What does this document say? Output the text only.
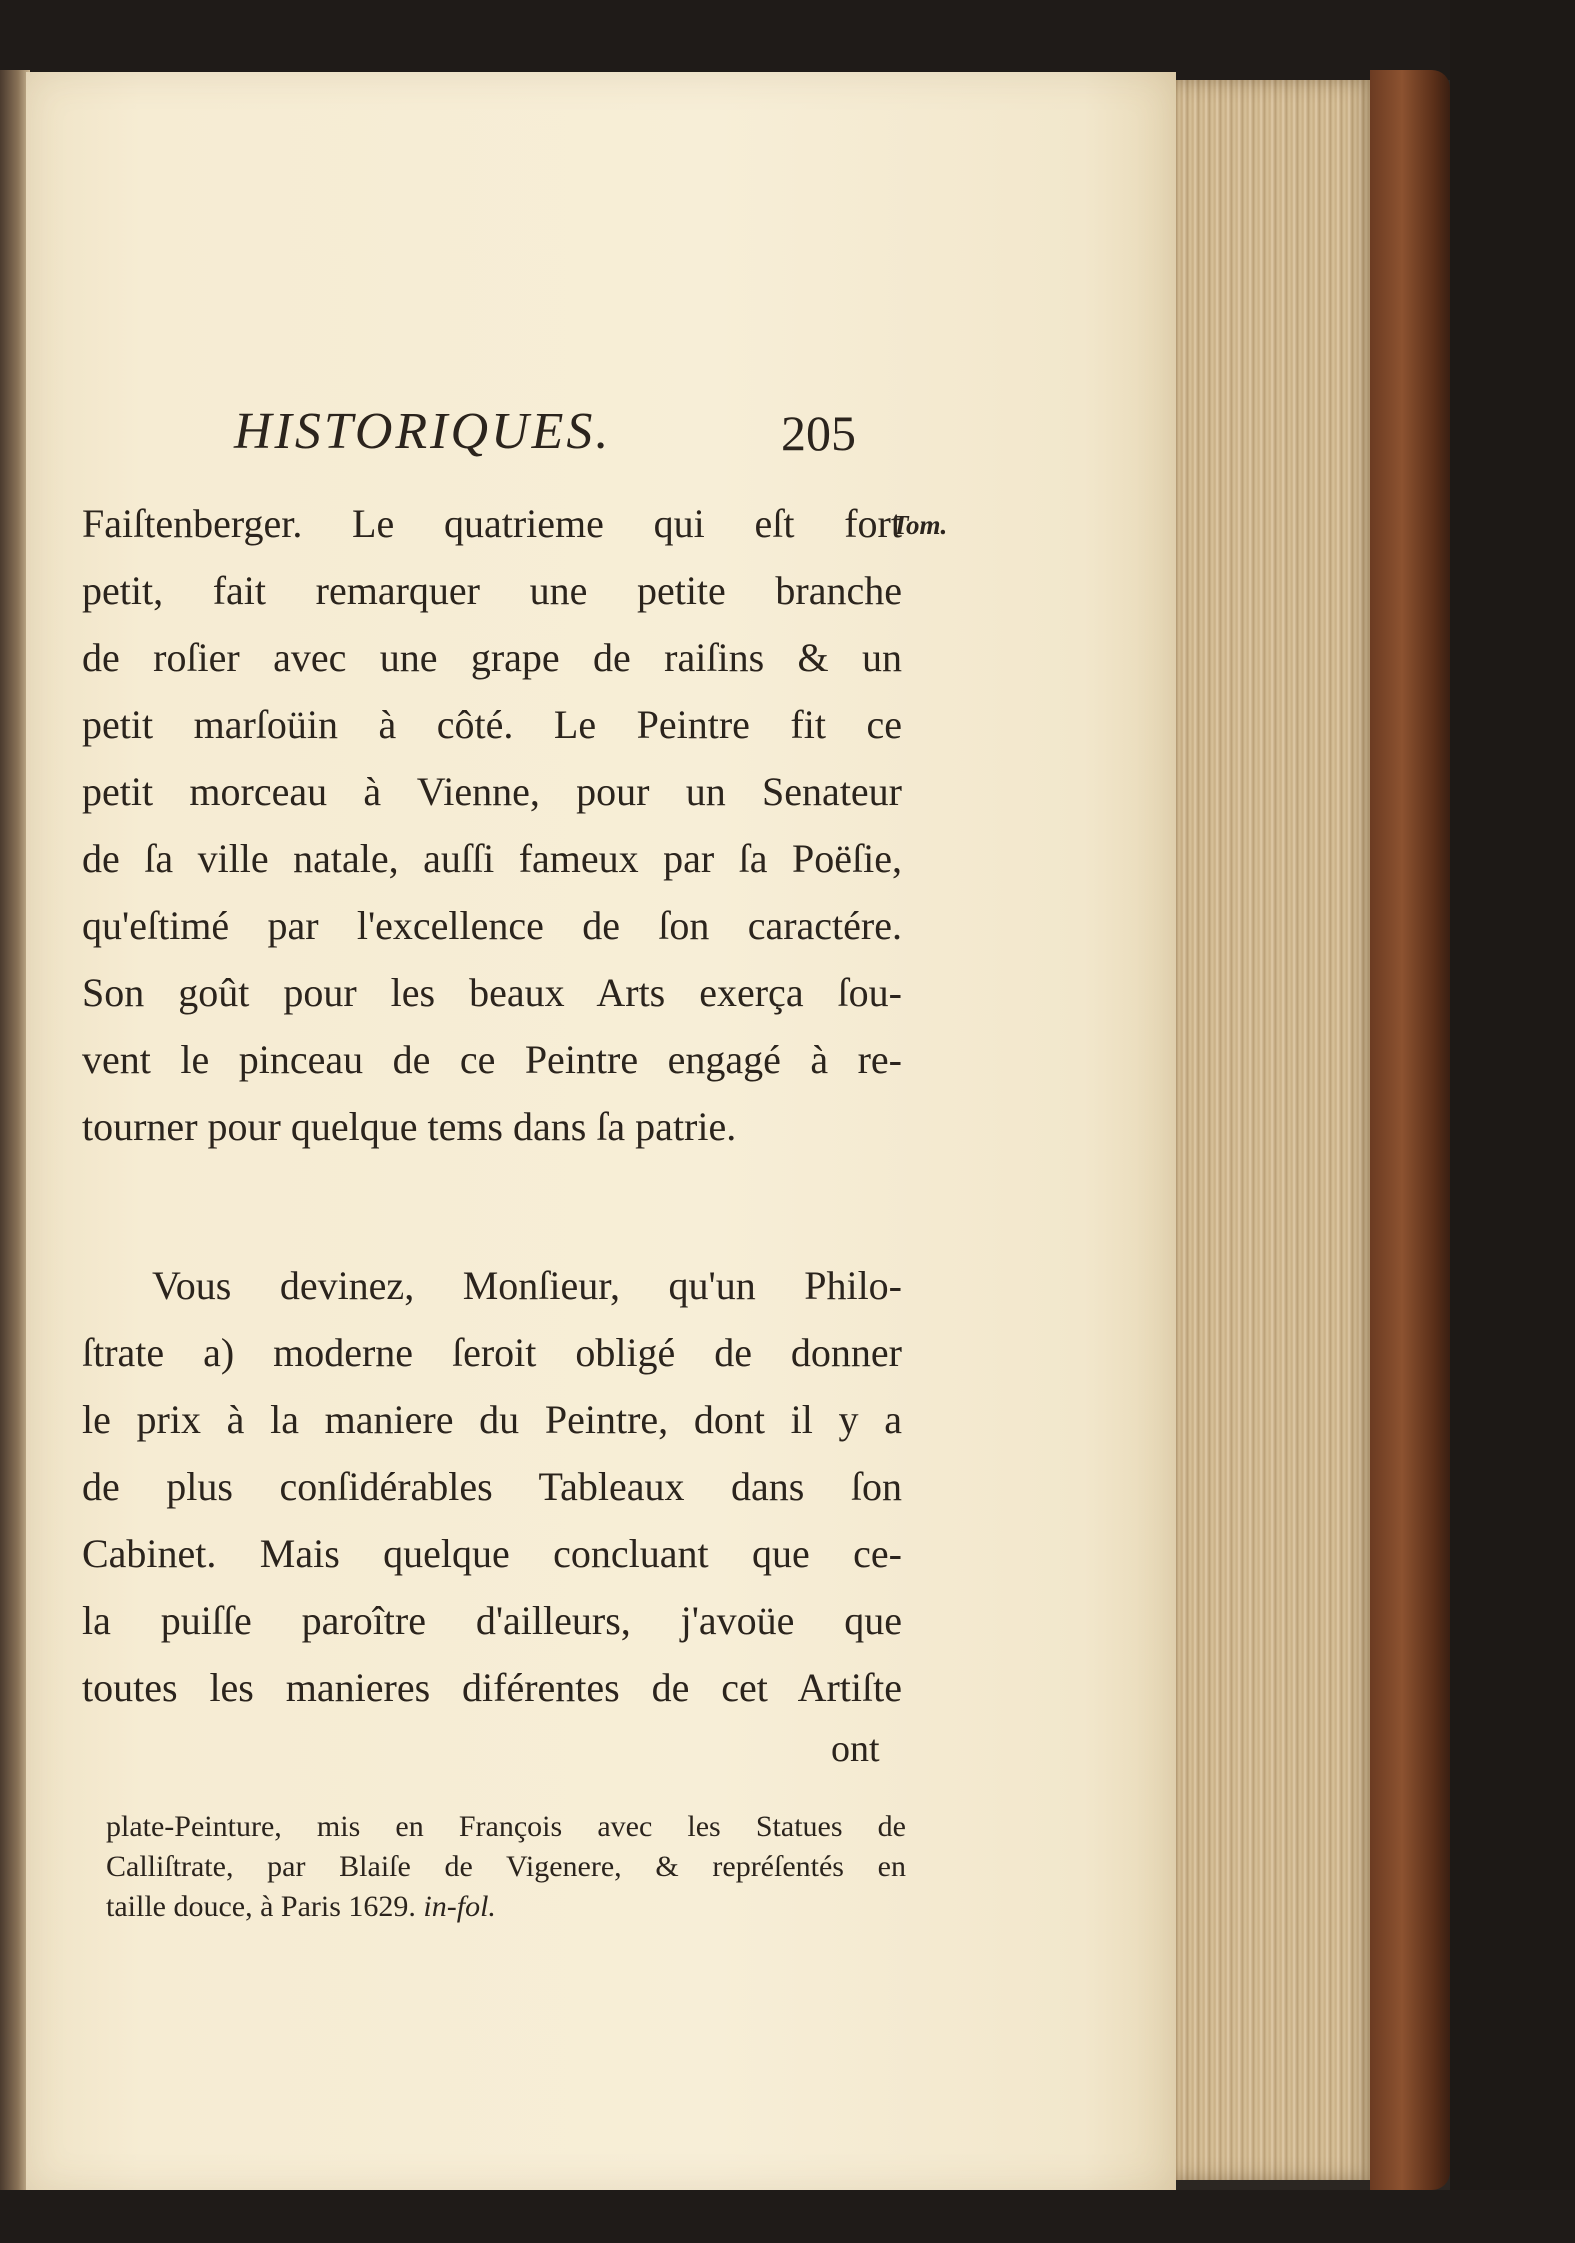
HISTORIQUES.	205
Tom.
Faiſtenberger. Le quatrieme qui eſt fort
petit, fait remarquer une petite branche
de roſier avec une grape de raiſins & un
petit marſoüin à côté. Le Peintre fit ce
petit morceau à Vienne, pour un Senateur
de ſa ville natale, auſſi fameux par ſa Poëſie,
qu'eſtimé par l'excellence de ſon caractére.
Son goût pour les beaux Arts exerça ſou-
vent le pinceau de ce Peintre engagé à re-
tourner pour quelque tems dans ſa patrie.
Vous devinez, Monſieur, qu'un Philo-
ſtrate a) moderne ſeroit obligé de donner
le prix à la maniere du Peintre, dont il y a
de plus conſidérables Tableaux dans ſon
Cabinet. Mais quelque concluant que ce-
la puiſſe paroître d'ailleurs, j'avoüe que
toutes les manieres diférentes de cet Artiſte
ont
plate-Peinture, mis en François avec les Statues de
Calliſtrate, par Blaiſe de Vigenere, & repréſentés en
taille douce, à Paris 1629. in-fol.
